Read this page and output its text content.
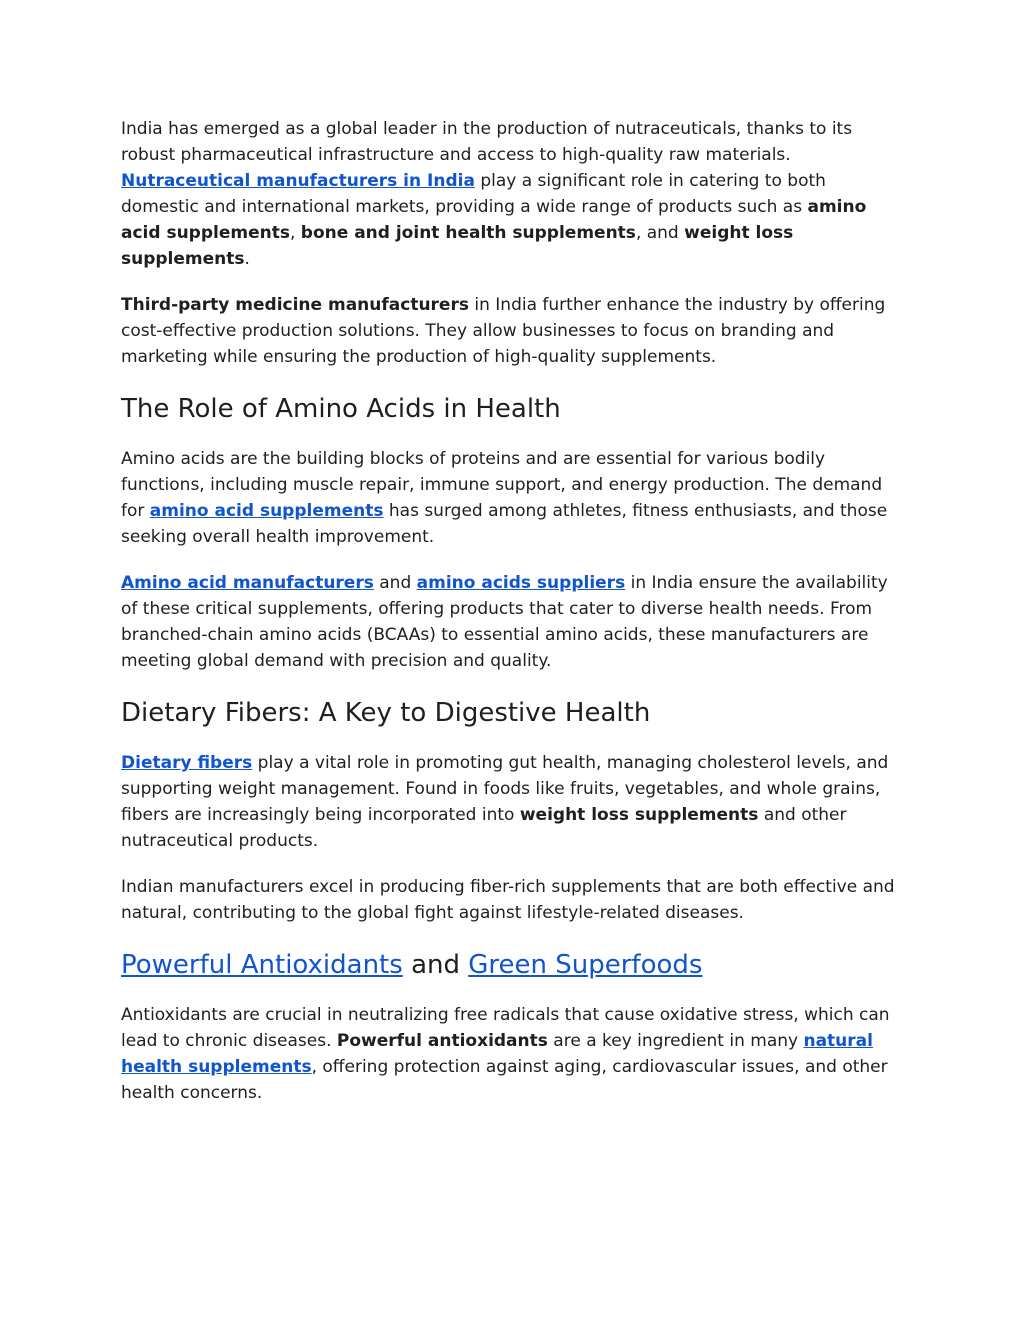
India has emerged as a global leader in the production of nutraceuticals, thanks to its robust pharmaceutical infrastructure and access to high-quality raw materials. Nutraceutical manufacturers in India play a significant role in catering to both domestic and international markets, providing a wide range of products such as amino acid supplements, bone and joint health supplements, and weight loss supplements.

Third-party medicine manufacturers in India further enhance the industry by offering cost-effective production solutions. They allow businesses to focus on branding and marketing while ensuring the production of high-quality supplements.

The Role of Amino Acids in Health

Amino acids are the building blocks of proteins and are essential for various bodily functions, including muscle repair, immune support, and energy production. The demand for amino acid supplements has surged among athletes, fitness enthusiasts, and those seeking overall health improvement.

Amino acid manufacturers and amino acids suppliers in India ensure the availability of these critical supplements, offering products that cater to diverse health needs. From branched-chain amino acids (BCAAs) to essential amino acids, these manufacturers are meeting global demand with precision and quality.

Dietary Fibers: A Key to Digestive Health

Dietary fibers play a vital role in promoting gut health, managing cholesterol levels, and supporting weight management. Found in foods like fruits, vegetables, and whole grains, fibers are increasingly being incorporated into weight loss supplements and other nutraceutical products.

Indian manufacturers excel in producing fiber-rich supplements that are both effective and natural, contributing to the global fight against lifestyle-related diseases.

Powerful Antioxidants and Green Superfoods

Antioxidants are crucial in neutralizing free radicals that cause oxidative stress, which can lead to chronic diseases. Powerful antioxidants are a key ingredient in many natural health supplements, offering protection against aging, cardiovascular issues, and other health concerns.
